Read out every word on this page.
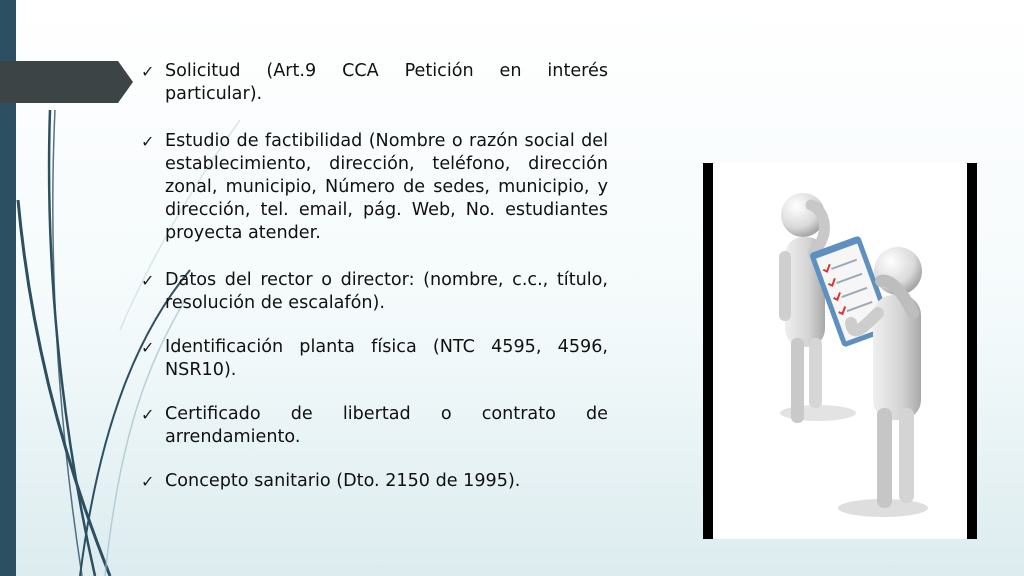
✓ Solicitud (Art.9 CCA Petición en interés particular).
✓ Estudio de factibilidad (Nombre o razón social del establecimiento, dirección, teléfono, dirección zonal, municipio, Número de sedes, municipio, y dirección, tel. email, pág. Web, No. estudiantes proyecta atender.
✓ Datos del rector o director: (nombre, c.c., título, resolución de escalafón).
✓ Identificación planta física (NTC 4595, 4596, NSR10).
✓ Certificado de libertad o contrato de arrendamiento.
✓ Concepto sanitario (Dto. 2150 de 1995).
